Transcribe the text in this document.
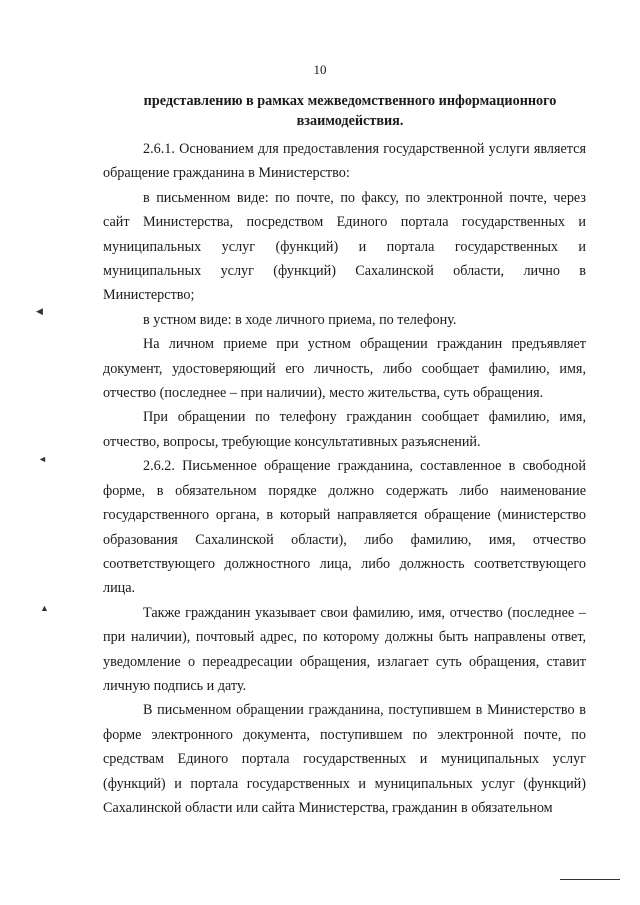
10
представлению в рамках межведомственного информационного взаимодействия.

2.6.1. Основанием для предоставления государственной услуги является обращение гражданина в Министерство:

в письменном виде: по почте, по факсу, по электронной почте, через сайт Министерства, посредством Единого портала государственных и муниципальных услуг (функций) и портала государственных и муниципальных услуг (функций) Сахалинской области, лично в Министерство;

в устном виде: в ходе личного приема, по телефону.

На личном приеме при устном обращении гражданин предъявляет документ, удостоверяющий его личность, либо сообщает фамилию, имя, отчество (последнее – при наличии), место жительства, суть обращения.

При обращении по телефону гражданин сообщает фамилию, имя, отчество, вопросы, требующие консультативных разъяснений.

2.6.2. Письменное обращение гражданина, составленное в свободной форме, в обязательном порядке должно содержать либо наименование государственного органа, в который направляется обращение (министерство образования Сахалинской области), либо фамилию, имя, отчество соответствующего должностного лица, либо должность соответствующего лица.

Также гражданин указывает свои фамилию, имя, отчество (последнее – при наличии), почтовый адрес, по которому должны быть направлены ответ, уведомление о переадресации обращения, излагает суть обращения, ставит личную подпись и дату.

В письменном обращении гражданина, поступившем в Министерство в форме электронного документа, поступившем по электронной почте, по средствам Единого портала государственных и муниципальных услуг (функций) и портала государственных и муниципальных услуг (функций) Сахалинской области или сайта Министерства, гражданин в обязательном

◀
◄
▲
